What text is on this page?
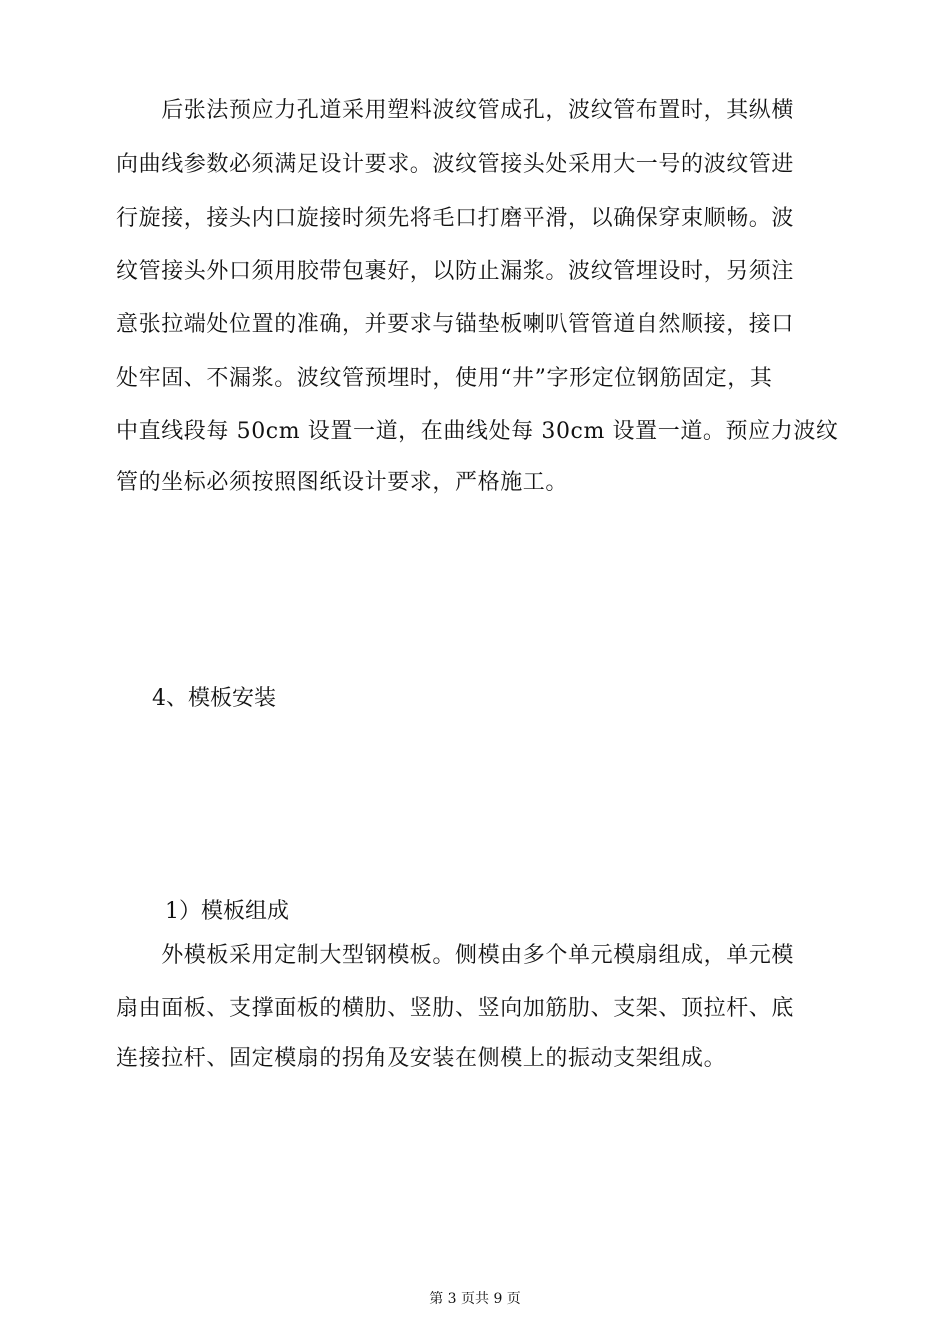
　　后张法预应力孔道采用塑料波纹管成孔，波纹管布置时，其纵横
向曲线参数必须满足设计要求。波纹管接头处采用大一号的波纹管进
行旋接，接头内口旋接时须先将毛口打磨平滑，以确保穿束顺畅。波
纹管接头外口须用胶带包裹好，以防止漏浆。波纹管埋设时，另须注
意张拉端处位置的准确，并要求与锚垫板喇叭管管道自然顺接，接口
处牢固、不漏浆。波纹管预埋时，使用“井”字形定位钢筋固定，其
中直线段每 50cm 设置一道，在曲线处每 30cm 设置一道。预应力波纹
管的坐标必须按照图纸设计要求，严格施工。
4、模板安装
1）模板组成
　　外模板采用定制大型钢模板。侧模由多个单元模扇组成，单元模
扇由面板、支撑面板的横肋、竖肋、竖向加筋肋、支架、顶拉杆、底
连接拉杆、固定模扇的拐角及安装在侧模上的振动支架组成。
第 3 页共 9 页
